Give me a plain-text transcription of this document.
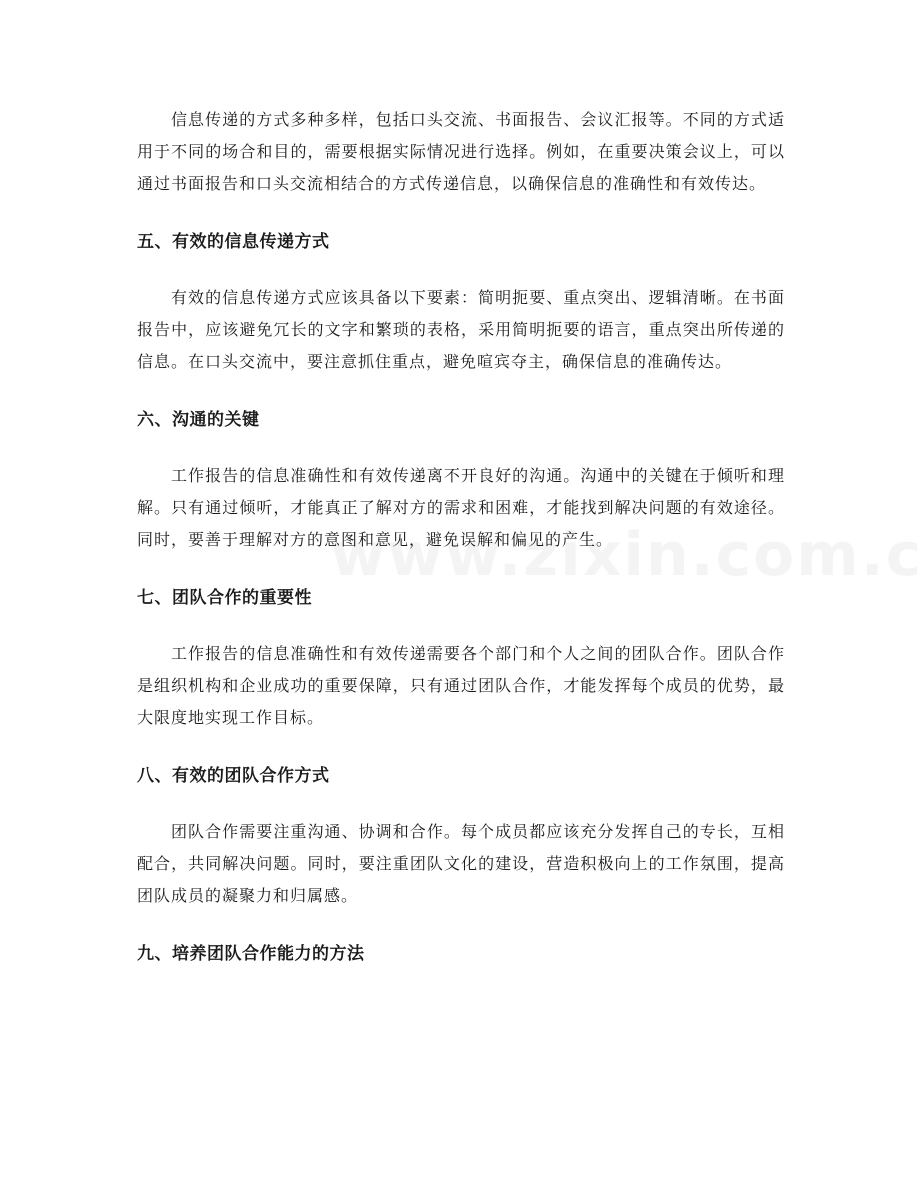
信息传递的方式多种多样，包括口头交流、书面报告、会议汇报等。不同的方式适用于不同的场合和目的，需要根据实际情况进行选择。例如，在重要决策会议上，可以通过书面报告和口头交流相结合的方式传递信息，以确保信息的准确性和有效传达。

五、有效的信息传递方式

有效的信息传递方式应该具备以下要素：简明扼要、重点突出、逻辑清晰。在书面报告中，应该避免冗长的文字和繁琐的表格，采用简明扼要的语言，重点突出所传递的信息。在口头交流中，要注意抓住重点，避免喧宾夺主，确保信息的准确传达。

六、沟通的关键

工作报告的信息准确性和有效传递离不开良好的沟通。沟通中的关键在于倾听和理解。只有通过倾听，才能真正了解对方的需求和困难，才能找到解决问题的有效途径。同时，要善于理解对方的意图和意见，避免误解和偏见的产生。

七、团队合作的重要性

工作报告的信息准确性和有效传递需要各个部门和个人之间的团队合作。团队合作是组织机构和企业成功的重要保障，只有通过团队合作，才能发挥每个成员的优势，最大限度地实现工作目标。

八、有效的团队合作方式

团队合作需要注重沟通、协调和合作。每个成员都应该充分发挥自己的专长，互相配合，共同解决问题。同时，要注重团队文化的建设，营造积极向上的工作氛围，提高团队成员的凝聚力和归属感。

九、培养团队合作能力的方法
